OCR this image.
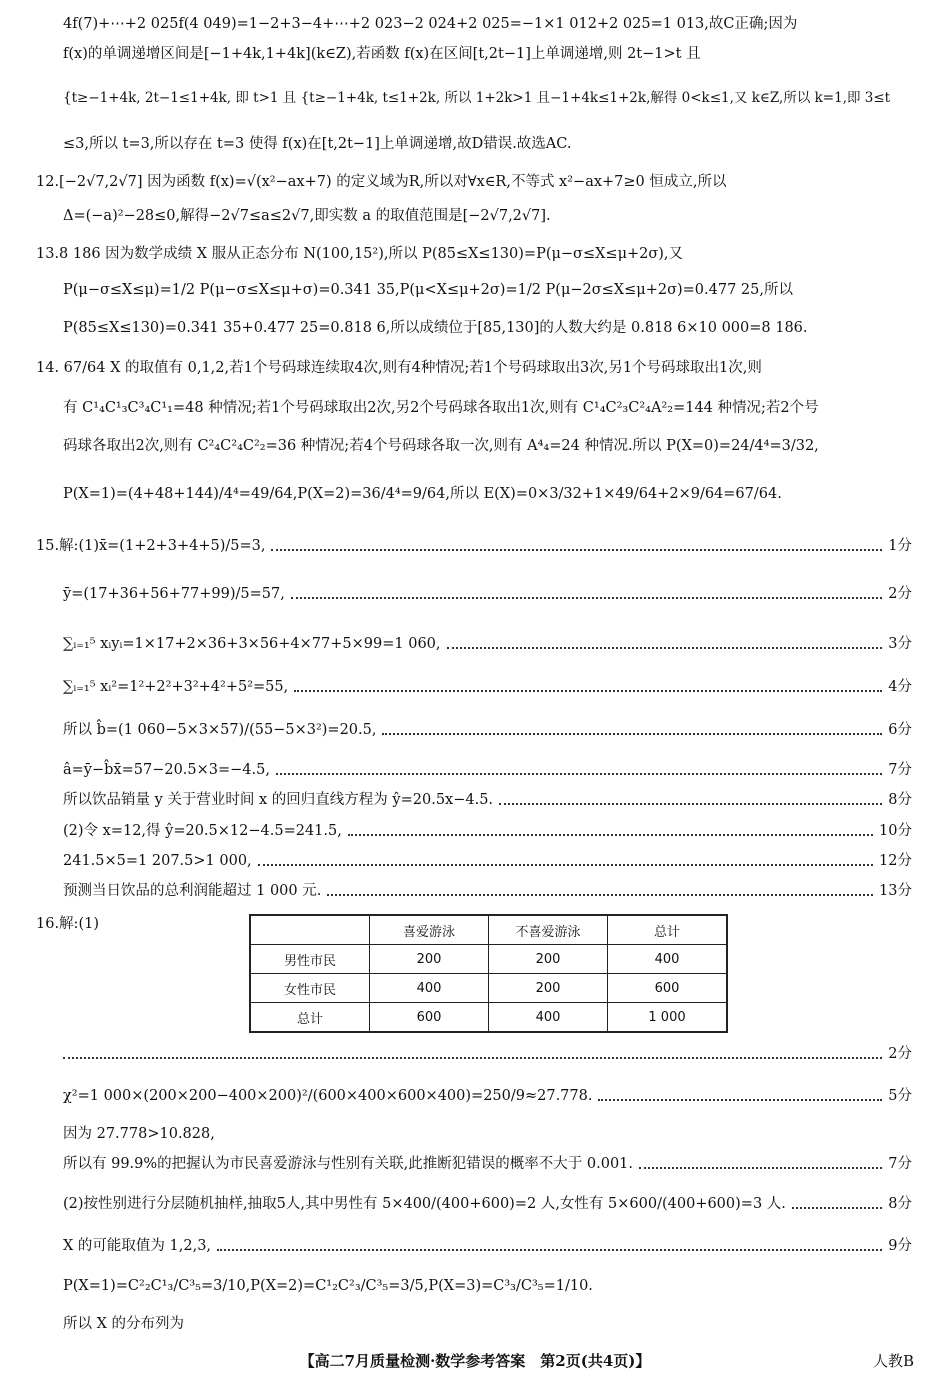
4f(7)+⋯+2 025f(4 049)=1−2+3−4+⋯+2 023−2 024+2 025=−1×1 012+2 025=1 013,故C正确;因为
f(x)的单调递增区间是[−1+4k,1+4k](k∈Z),若函数 f(x)在区间[t,2t−1]上单调递增,则 2t−1>t 且
{t≥−1+4k, 2t−1≤1+4k, 即 t>1 且 {t≥−1+4k, t≤1+2k, 所以 1+2k>1 且−1+4k≤1+2k,解得 0<k≤1,又 k∈Z,所以 k=1,即 3≤t
≤3,所以 t=3,所以存在 t=3 使得 f(x)在[t,2t−1]上单调递增,故D错误.故选AC.
12.[−2√7,2√7] 因为函数 f(x)=√(x²−ax+7) 的定义域为R,所以对∀x∈R,不等式 x²−ax+7≥0 恒成立,所以
Δ=(−a)²−28≤0,解得−2√7≤a≤2√7,即实数 a 的取值范围是[−2√7,2√7].
13.8 186 因为数学成绩 X 服从正态分布 N(100,15²),所以 P(85≤X≤130)=P(μ−σ≤X≤μ+2σ),又
P(μ−σ≤X≤μ)=1/2 P(μ−σ≤X≤μ+σ)=0.341 35,P(μ<X≤μ+2σ)=1/2 P(μ−2σ≤X≤μ+2σ)=0.477 25,所以
P(85≤X≤130)=0.341 35+0.477 25=0.818 6,所以成绩位于[85,130]的人数大约是 0.818 6×10 000=8 186.
14. 67/64 X 的取值有 0,1,2,若1个号码球连续取4次,则有4种情况;若1个号码球取出3次,另1个号码球取出1次,则
有 C¹₄C¹₃C³₄C¹₁=48 种情况;若1个号码球取出2次,另2个号码球各取出1次,则有 C¹₄C²₃C²₄A²₂=144 种情况;若2个号
码球各取出2次,则有 C²₄C²₄C²₂=36 种情况;若4个号码球各取一次,则有 A⁴₄=24 种情况.所以 P(X=0)=24/4⁴=3/32,
P(X=1)=(4+48+144)/4⁴=49/64,P(X=2)=36/4⁴=9/64,所以 E(X)=0×3/32+1×49/64+2×9/64=67/64.
15.解:(1)x̄=(1+2+3+4+5)/5=3,	1分
ȳ=(17+36+56+77+99)/5=57,	2分
∑ᵢ₌₁⁵ xᵢyᵢ=1×17+2×36+3×56+4×77+5×99=1 060,	3分
∑ᵢ₌₁⁵ xᵢ²=1²+2²+3²+4²+5²=55,	4分
所以 b̂=(1 060−5×3×57)/(55−5×3²)=20.5,	6分
â=ȳ−b̂x̄=57−20.5×3=−4.5,	7分
所以饮品销量 y 关于营业时间 x 的回归直线方程为 ŷ=20.5x−4.5.	8分
(2)令 x=12,得 ŷ=20.5×12−4.5=241.5,	10分
241.5×5=1 207.5>1 000,	12分
预测当日饮品的总利润能超过 1 000 元.	13分
16.解:(1)
		喜爱游泳	不喜爱游泳	总计
男性市民	200	200	400
女性市民	400	200	600
总计	600	400	1 000
2分
χ²=1 000×(200×200−400×200)²/(600×400×600×400)=250/9≈27.778.	5分
因为 27.778>10.828,
所以有 99.9%的把握认为市民喜爱游泳与性别有关联,此推断犯错误的概率不大于 0.001.	7分
(2)按性别进行分层随机抽样,抽取5人,其中男性有 5×400/(400+600)=2 人,女性有 5×600/(400+600)=3 人.	8分
X 的可能取值为 1,2,3,	9分
P(X=1)=C²₂C¹₃/C³₅=3/10,P(X=2)=C¹₂C²₃/C³₅=3/5,P(X=3)=C³₃/C³₅=1/10.
所以 X 的分布列为
【高二7月质量检测·数学参考答案　第2页(共4页)】	人教B
